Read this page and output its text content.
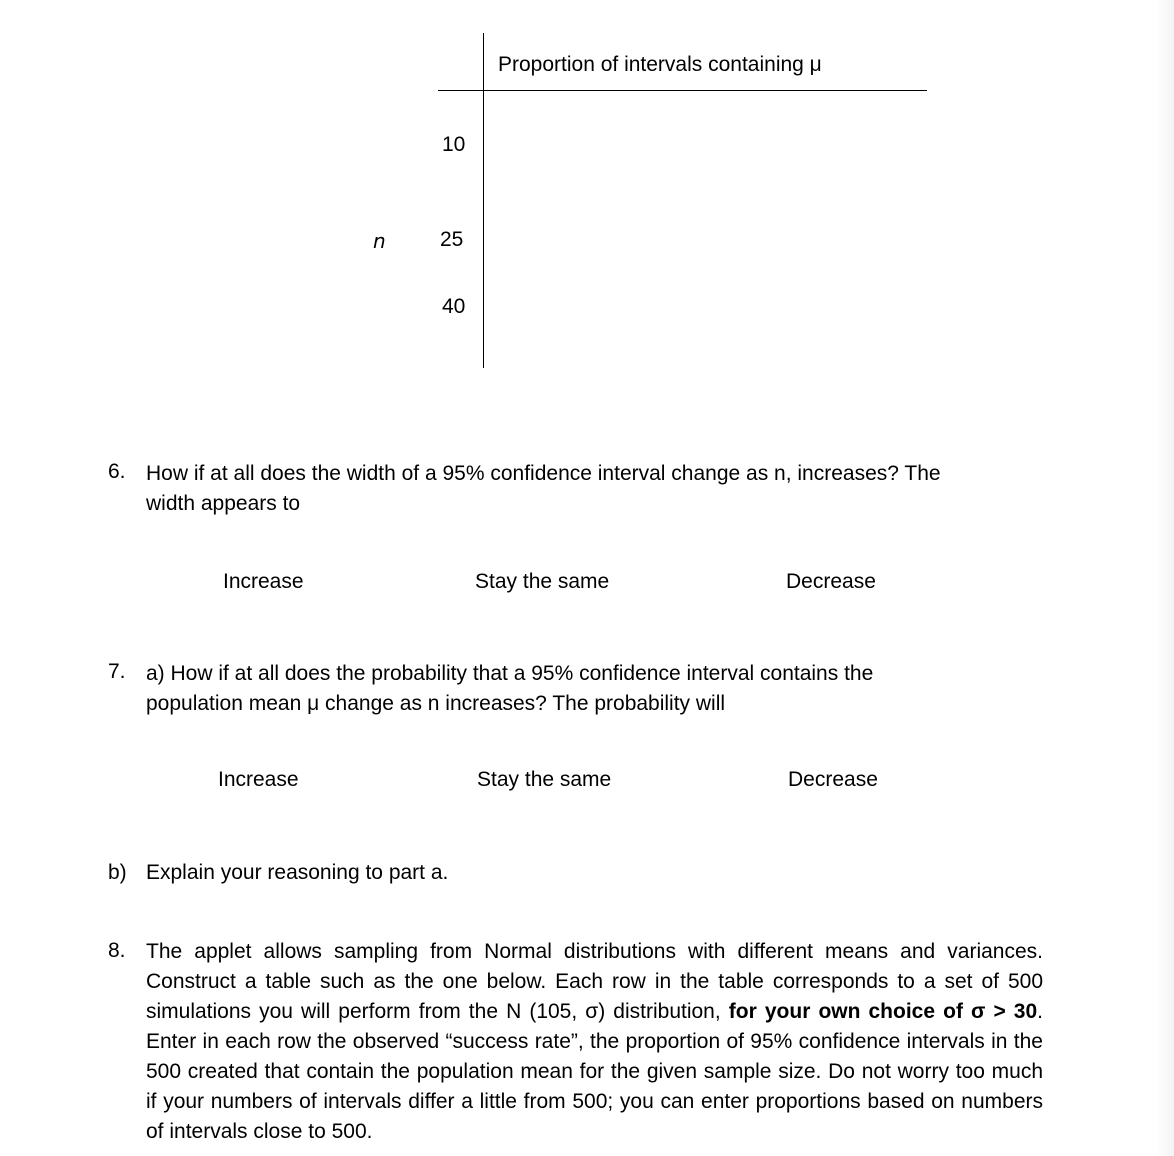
Proportion of intervals containing μ
n
10
25
40
6. How if at all does the width of a 95% confidence interval change as n, increases? The
width appears to
Increase	Stay the same	Decrease
7. a) How if at all does the probability that a 95% confidence interval contains the
population mean μ change as n increases? The probability will
Increase	Stay the same	Decrease
b) Explain your reasoning to part a.
8. The applet allows sampling from Normal distributions with different means and variances. Construct a table such as the one below. Each row in the table corresponds to a set of 500 simulations you will perform from the N (105, σ) distribution, for your own choice of σ > 30. Enter in each row the observed “success rate”, the proportion of 95% confidence intervals in the 500 created that contain the population mean for the given sample size. Do not worry too much if your numbers of intervals differ a little from 500; you can enter proportions based on numbers of intervals close to 500.
